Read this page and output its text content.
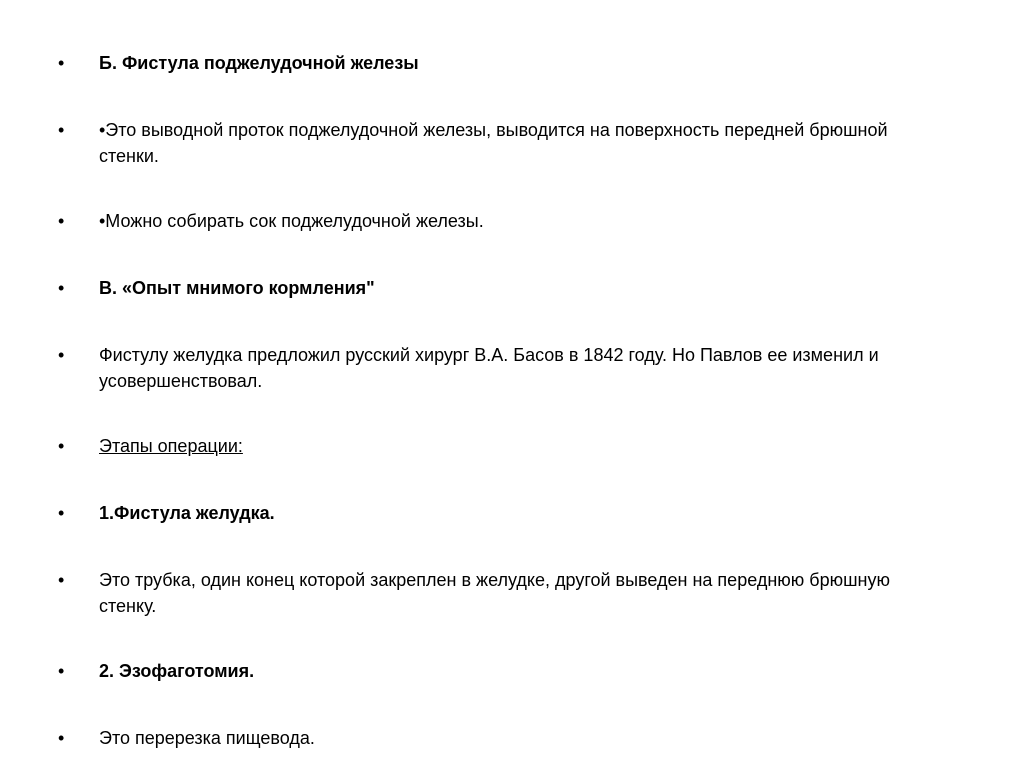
•	Б. Фистула поджелудочной железы
•	•Это выводной проток поджелудочной железы, выводится на поверхность передней брюшной стенки.
•	•Можно собирать сок поджелудочной железы.
•	В. «Опыт мнимого кормления"
•	Фистулу желудка предложил русский хирург В.А. Басов в 1842 году. Но Павлов ее изменил и усовершенствовал.
•	Этапы операции:
•	1.Фистула желудка.
•	Это трубка, один конец которой закреплен в желудке, другой выведен на переднюю брюшную стенку.
•	2. Эзофаготомия.
•	Это перерезка пищевода.
